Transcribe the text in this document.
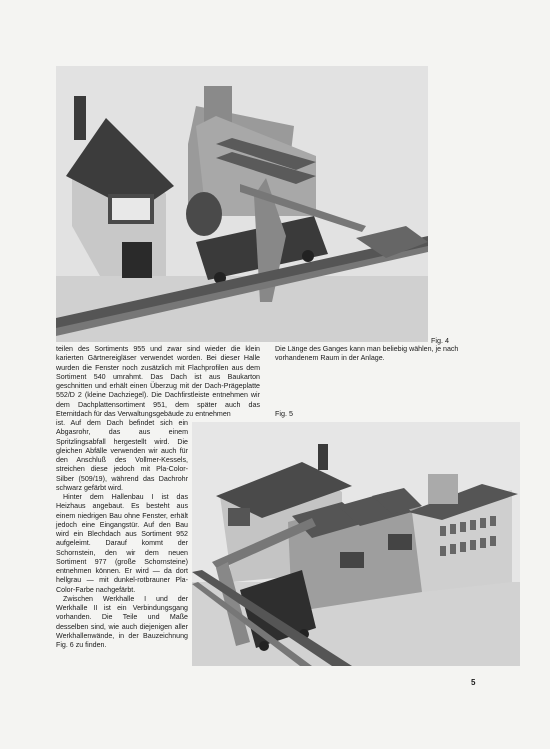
Fig. 4

teilen des Sortiments 955 und zwar sind wieder die klein karierten Gärtnereigläser verwendet worden. Bei dieser Halle wurden die Fenster noch zusätzlich mit Flachprofilen aus dem Sortiment 540 umrahmt. Das Dach ist aus Baukarton geschnitten und erhält einen Überzug mit der Dach-Prägeplatte 552/D 2 (kleine Dachziegel). Die Dachfirstleiste entnehmen wir dem Dachplattensortiment 951, dem später auch das Eternitdach für das Verwaltungsgebäude zu entnehmen

ist. Auf dem Dach befindet sich ein Abgasrohr, das aus einem Spritzlingsabfall hergestellt wird. Die gleichen Abfälle verwenden wir auch für den Anschluß des Vollmer-Kessels, streichen diese jedoch mit Pla-Color-Silber (509/19), während das Dachrohr schwarz gefärbt wird.

Hinter dem Hallenbau I ist das Heizhaus angebaut. Es besteht aus einem niedrigen Bau ohne Fenster, erhält jedoch eine Eingangstür. Auf den Bau wird ein Blechdach aus Sortiment 952 aufgeleimt. Darauf kommt der Schornstein, den wir dem neuen Sortiment 977 (große Schornsteine) entnehmen können. Er wird — da dort hellgrau — mit dunkel-rotbrauner Pla-Color-Farbe nachgefärbt.

Zwischen Werkhalle I und der Werkhalle II ist ein Verbindungsgang vorhanden. Die Teile und Maße desselben sind, wie auch diejenigen aller Werkhallenwände, in der Bauzeichnung Fig. 6 zu finden.

Die Länge des Ganges kann man beliebig wählen, je nach vorhandenem Raum in der Anlage.

Fig. 5
5
